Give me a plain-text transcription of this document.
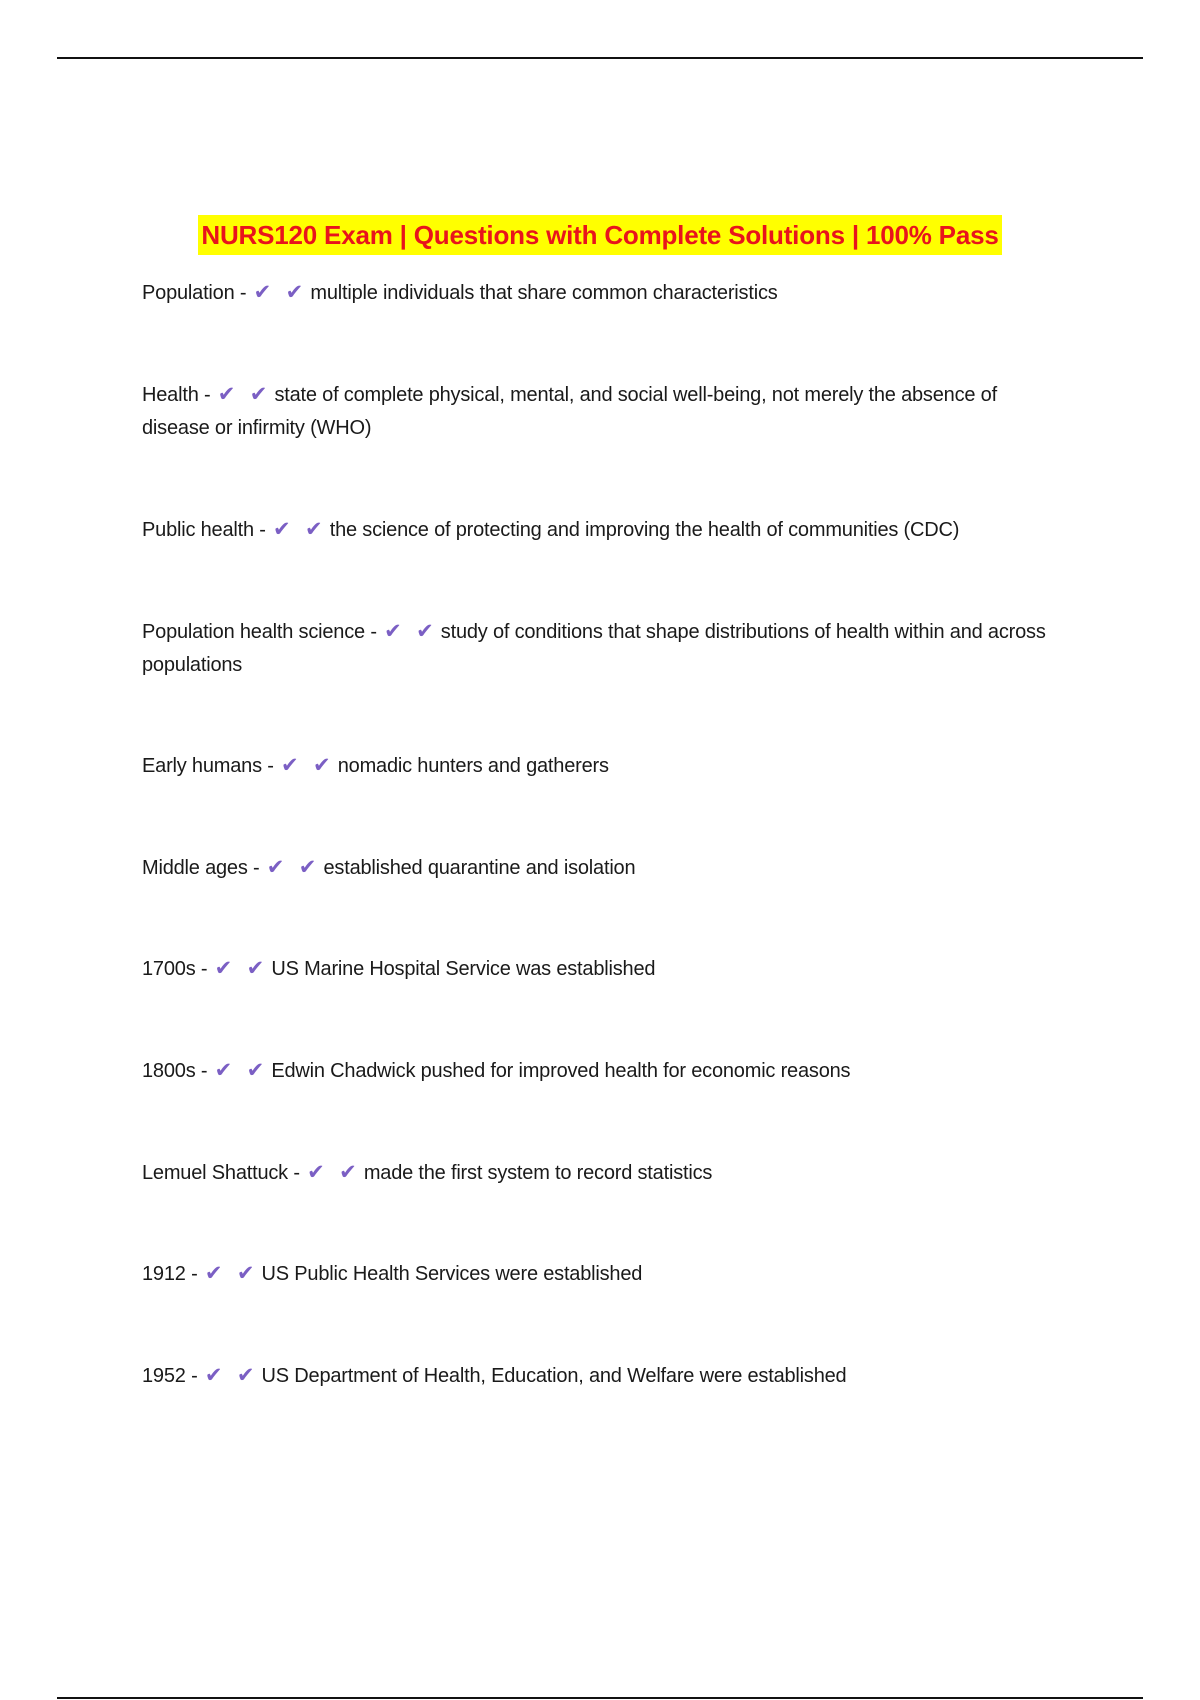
NURS120 Exam | Questions with Complete Solutions | 100% Pass
Population - ✔ ✔ multiple individuals that share common characteristics
Health - ✔ ✔ state of complete physical, mental, and social well-being, not merely the absence of disease or infirmity (WHO)
Public health - ✔ ✔ the science of protecting and improving the health of communities (CDC)
Population health science - ✔ ✔ study of conditions that shape distributions of health within and across populations
Early humans - ✔ ✔ nomadic hunters and gatherers
Middle ages - ✔ ✔ established quarantine and isolation
1700s - ✔ ✔ US Marine Hospital Service was established
1800s - ✔ ✔ Edwin Chadwick pushed for improved health for economic reasons
Lemuel Shattuck - ✔ ✔ made the first system to record statistics
1912 - ✔ ✔ US Public Health Services were established
1952 - ✔ ✔ US Department of Health, Education, and Welfare were established
